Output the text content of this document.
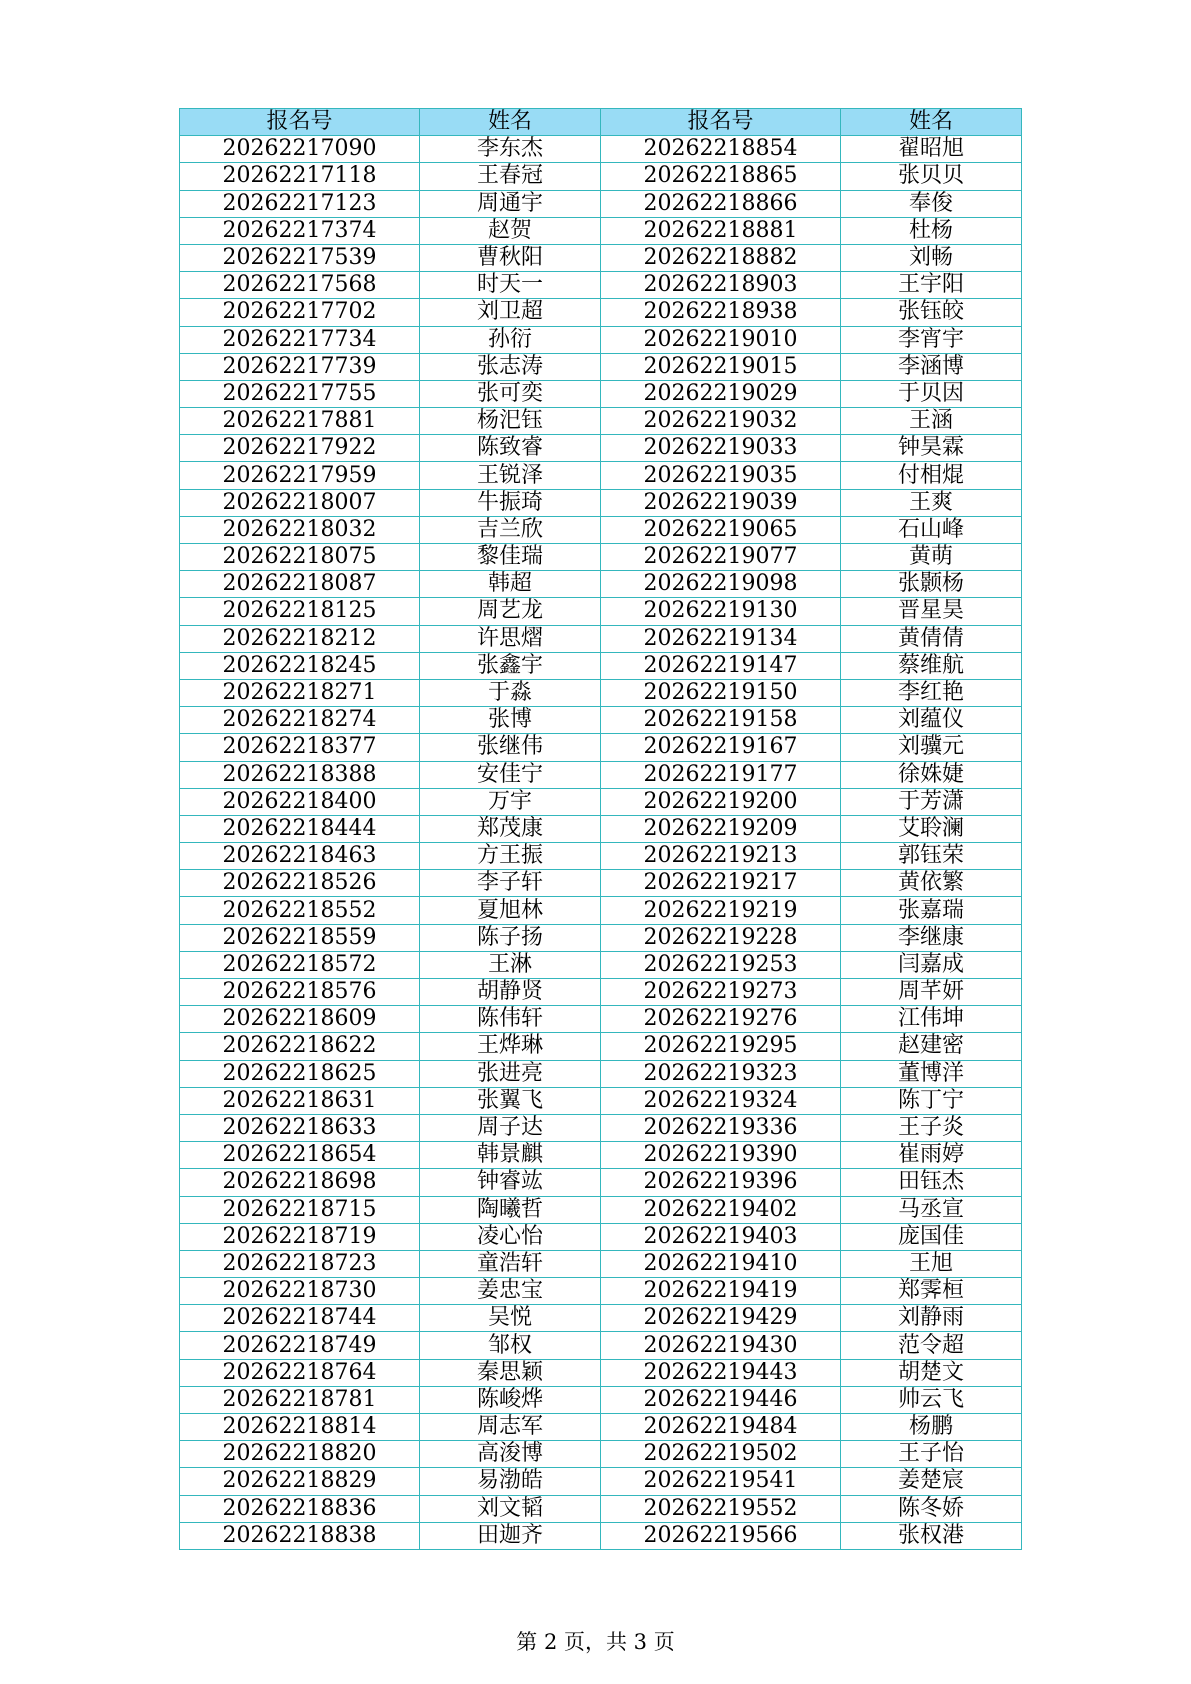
报名号	姓名	报名号	姓名
20262217090	李东杰	20262218854	翟昭旭
20262217118	王春冠	20262218865	张贝贝
20262217123	周通宇	20262218866	奉俊
20262217374	赵贺	20262218881	杜杨
20262217539	曹秋阳	20262218882	刘畅
20262217568	时天一	20262218903	王宇阳
20262217702	刘卫超	20262218938	张钰皎
20262217734	孙衍	20262219010	李宵宇
20262217739	张志涛	20262219015	李涵博
20262217755	张可奕	20262219029	于贝因
20262217881	杨汜钰	20262219032	王涵
20262217922	陈致睿	20262219033	钟昊霖
20262217959	王锐泽	20262219035	付相焜
20262218007	牛振琦	20262219039	王爽
20262218032	吉兰欣	20262219065	石山峰
20262218075	黎佳瑞	20262219077	黄萌
20262218087	韩超	20262219098	张颢杨
20262218125	周艺龙	20262219130	晋星昊
20262218212	许思熠	20262219134	黄倩倩
20262218245	张鑫宇	20262219147	蔡维航
20262218271	于淼	20262219150	李红艳
20262218274	张博	20262219158	刘蕴仪
20262218377	张继伟	20262219167	刘骥元
20262218388	安佳宁	20262219177	徐姝婕
20262218400	万宇	20262219200	于芳潇
20262218444	郑茂康	20262219209	艾聆澜
20262218463	方王振	20262219213	郭钰荣
20262218526	李子轩	20262219217	黄依繁
20262218552	夏旭林	20262219219	张嘉瑞
20262218559	陈子扬	20262219228	李继康
20262218572	王淋	20262219253	闫嘉成
20262218576	胡静贤	20262219273	周芊妍
20262218609	陈伟轩	20262219276	江伟坤
20262218622	王烨琳	20262219295	赵建密
20262218625	张进亮	20262219323	董博洋
20262218631	张翼飞	20262219324	陈丁宁
20262218633	周子达	20262219336	王子炎
20262218654	韩景麒	20262219390	崔雨婷
20262218698	钟睿竑	20262219396	田钰杰
20262218715	陶曦哲	20262219402	马丞宣
20262218719	凌心怡	20262219403	庞国佳
20262218723	童浩轩	20262219410	王旭
20262218730	姜忠宝	20262219419	郑霁桓
20262218744	吴悦	20262219429	刘静雨
20262218749	邹权	20262219430	范令超
20262218764	秦思颖	20262219443	胡楚文
20262218781	陈峻烨	20262219446	帅云飞
20262218814	周志军	20262219484	杨鹏
20262218820	高浚博	20262219502	王子怡
20262218829	易渤皓	20262219541	姜楚宸
20262218836	刘文韬	20262219552	陈冬娇
20262218838	田迦齐	20262219566	张权港
第 2 页，共 3 页
